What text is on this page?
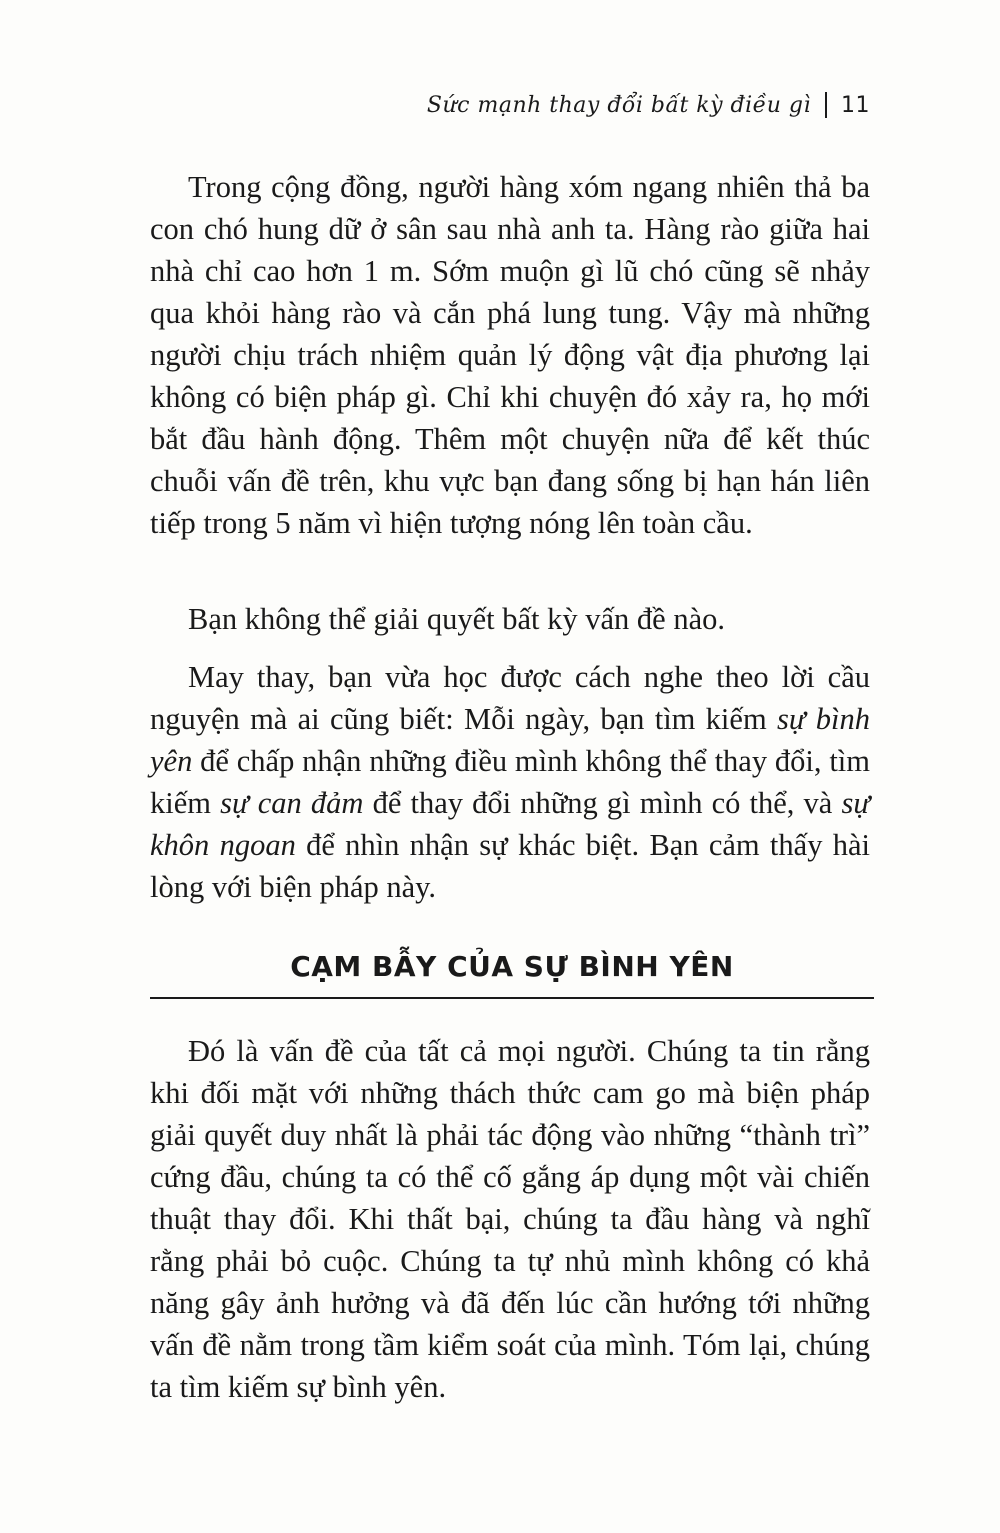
Sức mạnh thay đổi bất kỳ điều gì 11

Trong cộng đồng, người hàng xóm ngang nhiên thả ba con chó hung dữ ở sân sau nhà anh ta. Hàng rào giữa hai nhà chỉ cao hơn 1 m. Sớm muộn gì lũ chó cũng sẽ nhảy qua khỏi hàng rào và cắn phá lung tung. Vậy mà những người chịu trách nhiệm quản lý động vật địa phương lại không có biện pháp gì. Chỉ khi chuyện đó xảy ra, họ mới bắt đầu hành động. Thêm một chuyện nữa để kết thúc chuỗi vấn đề trên, khu vực bạn đang sống bị hạn hán liên tiếp trong 5 năm vì hiện tượng nóng lên toàn cầu.

Bạn không thể giải quyết bất kỳ vấn đề nào.

May thay, bạn vừa học được cách nghe theo lời cầu nguyện mà ai cũng biết: Mỗi ngày, bạn tìm kiếm sự bình yên để chấp nhận những điều mình không thể thay đổi, tìm kiếm sự can đảm để thay đổi những gì mình có thể, và sự khôn ngoan để nhìn nhận sự khác biệt. Bạn cảm thấy hài lòng với biện pháp này.

CẠM BẪY CỦA SỰ BÌNH YÊN

Đó là vấn đề của tất cả mọi người. Chúng ta tin rằng khi đối mặt với những thách thức cam go mà biện pháp giải quyết duy nhất là phải tác động vào những “thành trì” cứng đầu, chúng ta có thể cố gắng áp dụng một vài chiến thuật thay đổi. Khi thất bại, chúng ta đầu hàng và nghĩ rằng phải bỏ cuộc. Chúng ta tự nhủ mình không có khả năng gây ảnh hưởng và đã đến lúc cần hướng tới những vấn đề nằm trong tầm kiểm soát của mình. Tóm lại, chúng ta tìm kiếm sự bình yên.
